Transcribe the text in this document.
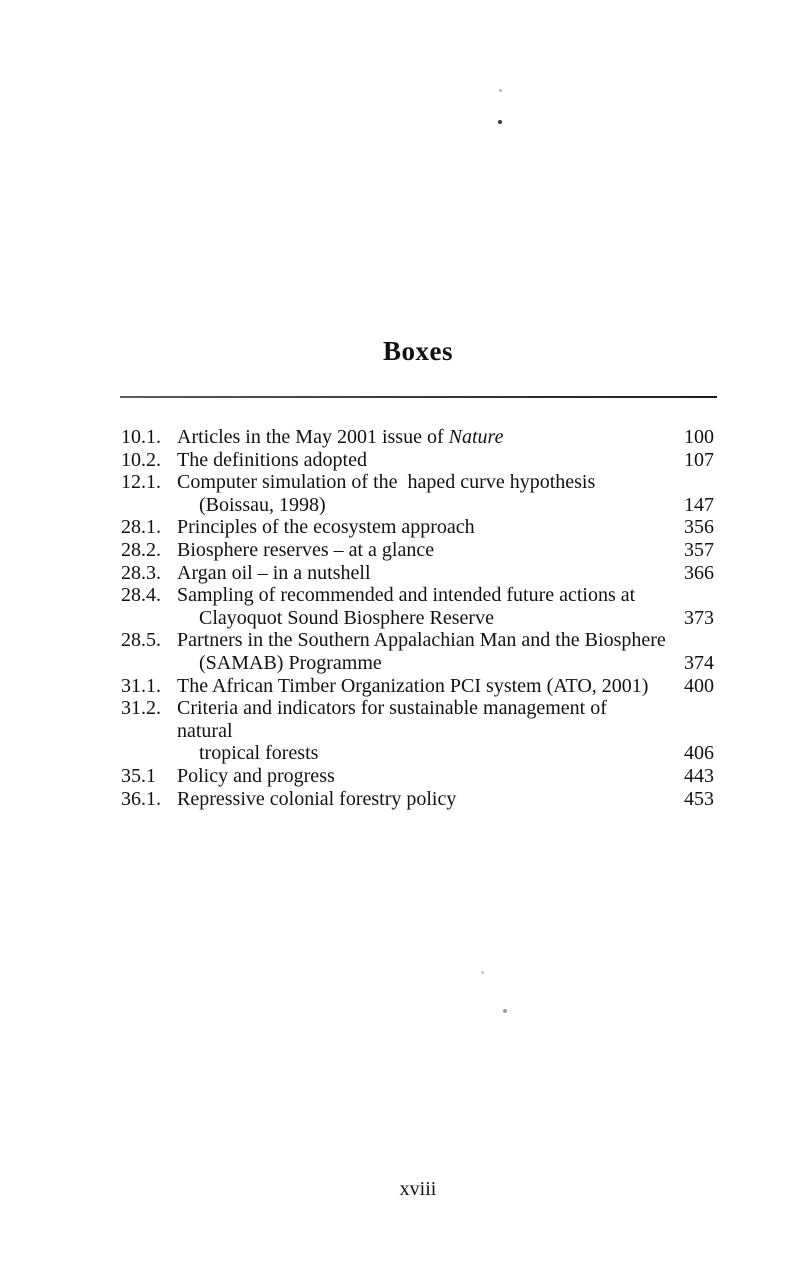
Boxes
10.1. Articles in the May 2001 issue of Nature	100
10.2. The definitions adopted	107
12.1. Computer simulation of the  haped curve hypothesis
(Boissau, 1998)	147
28.1. Principles of the ecosystem approach	356
28.2. Biosphere reserves – at a glance	357
28.3. Argan oil – in a nutshell	366
28.4. Sampling of recommended and intended future actions at
Clayoquot Sound Biosphere Reserve	373
28.5. Partners in the Southern Appalachian Man and the Biosphere
(SAMAB) Programme	374
31.1. The African Timber Organization PCI system (ATO, 2001)	400
31.2. Criteria and indicators for sustainable management of natural
tropical forests	406
35.1	Policy and progress	443
36.1. Repressive colonial forestry policy	453
xviii
